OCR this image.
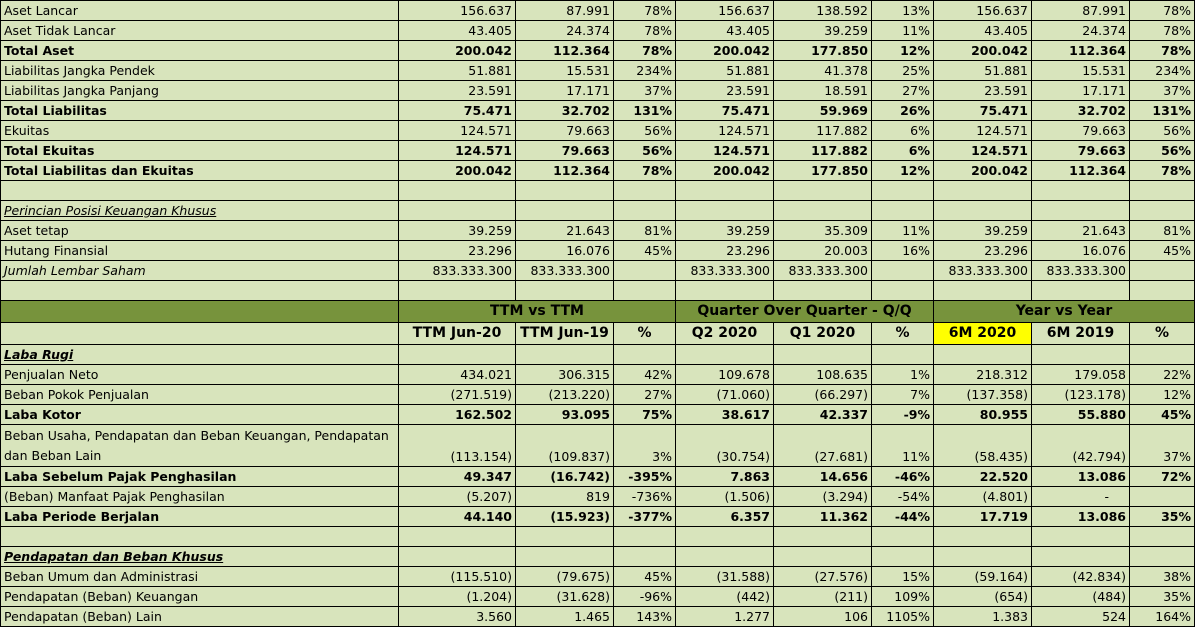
Aset Lancar	156.637	87.991	78%	156.637	138.592	13%	156.637	87.991	78%
Aset Tidak Lancar	43.405	24.374	78%	43.405	39.259	11%	43.405	24.374	78%
Total Aset	200.042	112.364	78%	200.042	177.850	12%	200.042	112.364	78%
Liabilitas Jangka Pendek	51.881	15.531	234%	51.881	41.378	25%	51.881	15.531	234%
Liabilitas Jangka Panjang	23.591	17.171	37%	23.591	18.591	27%	23.591	17.171	37%
Total Liabilitas	75.471	32.702	131%	75.471	59.969	26%	75.471	32.702	131%
Ekuitas	124.571	79.663	56%	124.571	117.882	6%	124.571	79.663	56%
Total Ekuitas	124.571	79.663	56%	124.571	117.882	6%	124.571	79.663	56%
Total Liabilitas dan Ekuitas	200.042	112.364	78%	200.042	177.850	12%	200.042	112.364	78%

Perincian Posisi Keuangan Khusus									
Aset tetap	39.259	21.643	81%	39.259	35.309	11%	39.259	21.643	81%
Hutang Finansial	23.296	16.076	45%	23.296	20.003	16%	23.296	16.076	45%
Jumlah Lembar Saham	833.333.300	833.333.300		833.333.300	833.333.300		833.333.300	833.333.300	

	TTM vs TTM			Quarter Over Quarter - Q/Q			Year vs Year		
	TTM Jun-20	TTM Jun-19	%	Q2 2020	Q1 2020	%	6M 2020	6M 2019	%
Laba Rugi									
Penjualan Neto	434.021	306.315	42%	109.678	108.635	1%	218.312	179.058	22%
Beban Pokok Penjualan	(271.519)	(213.220)	27%	(71.060)	(66.297)	7%	(137.358)	(123.178)	12%
Laba Kotor	162.502	93.095	75%	38.617	42.337	-9%	80.955	55.880	45%
Beban Usaha, Pendapatan dan Beban Keuangan, Pendapatan dan Beban Lain	(113.154)	(109.837)	3%	(30.754)	(27.681)	11%	(58.435)	(42.794)	37%
Laba Sebelum Pajak Penghasilan	49.347	(16.742)	-395%	7.863	14.656	-46%	22.520	13.086	72%
(Beban) Manfaat Pajak Penghasilan	(5.207)	819	-736%	(1.506)	(3.294)	-54%	(4.801)	-	
Laba Periode Berjalan	44.140	(15.923)	-377%	6.357	11.362	-44%	17.719	13.086	35%

Pendapatan dan Beban Khusus									
Beban Umum dan Administrasi	(115.510)	(79.675)	45%	(31.588)	(27.576)	15%	(59.164)	(42.834)	38%
Pendapatan (Beban) Keuangan	(1.204)	(31.628)	-96%	(442)	(211)	109%	(654)	(484)	35%
Pendapatan (Beban) Lain	3.560	1.465	143%	1.277	106	1105%	1.383	524	164%
